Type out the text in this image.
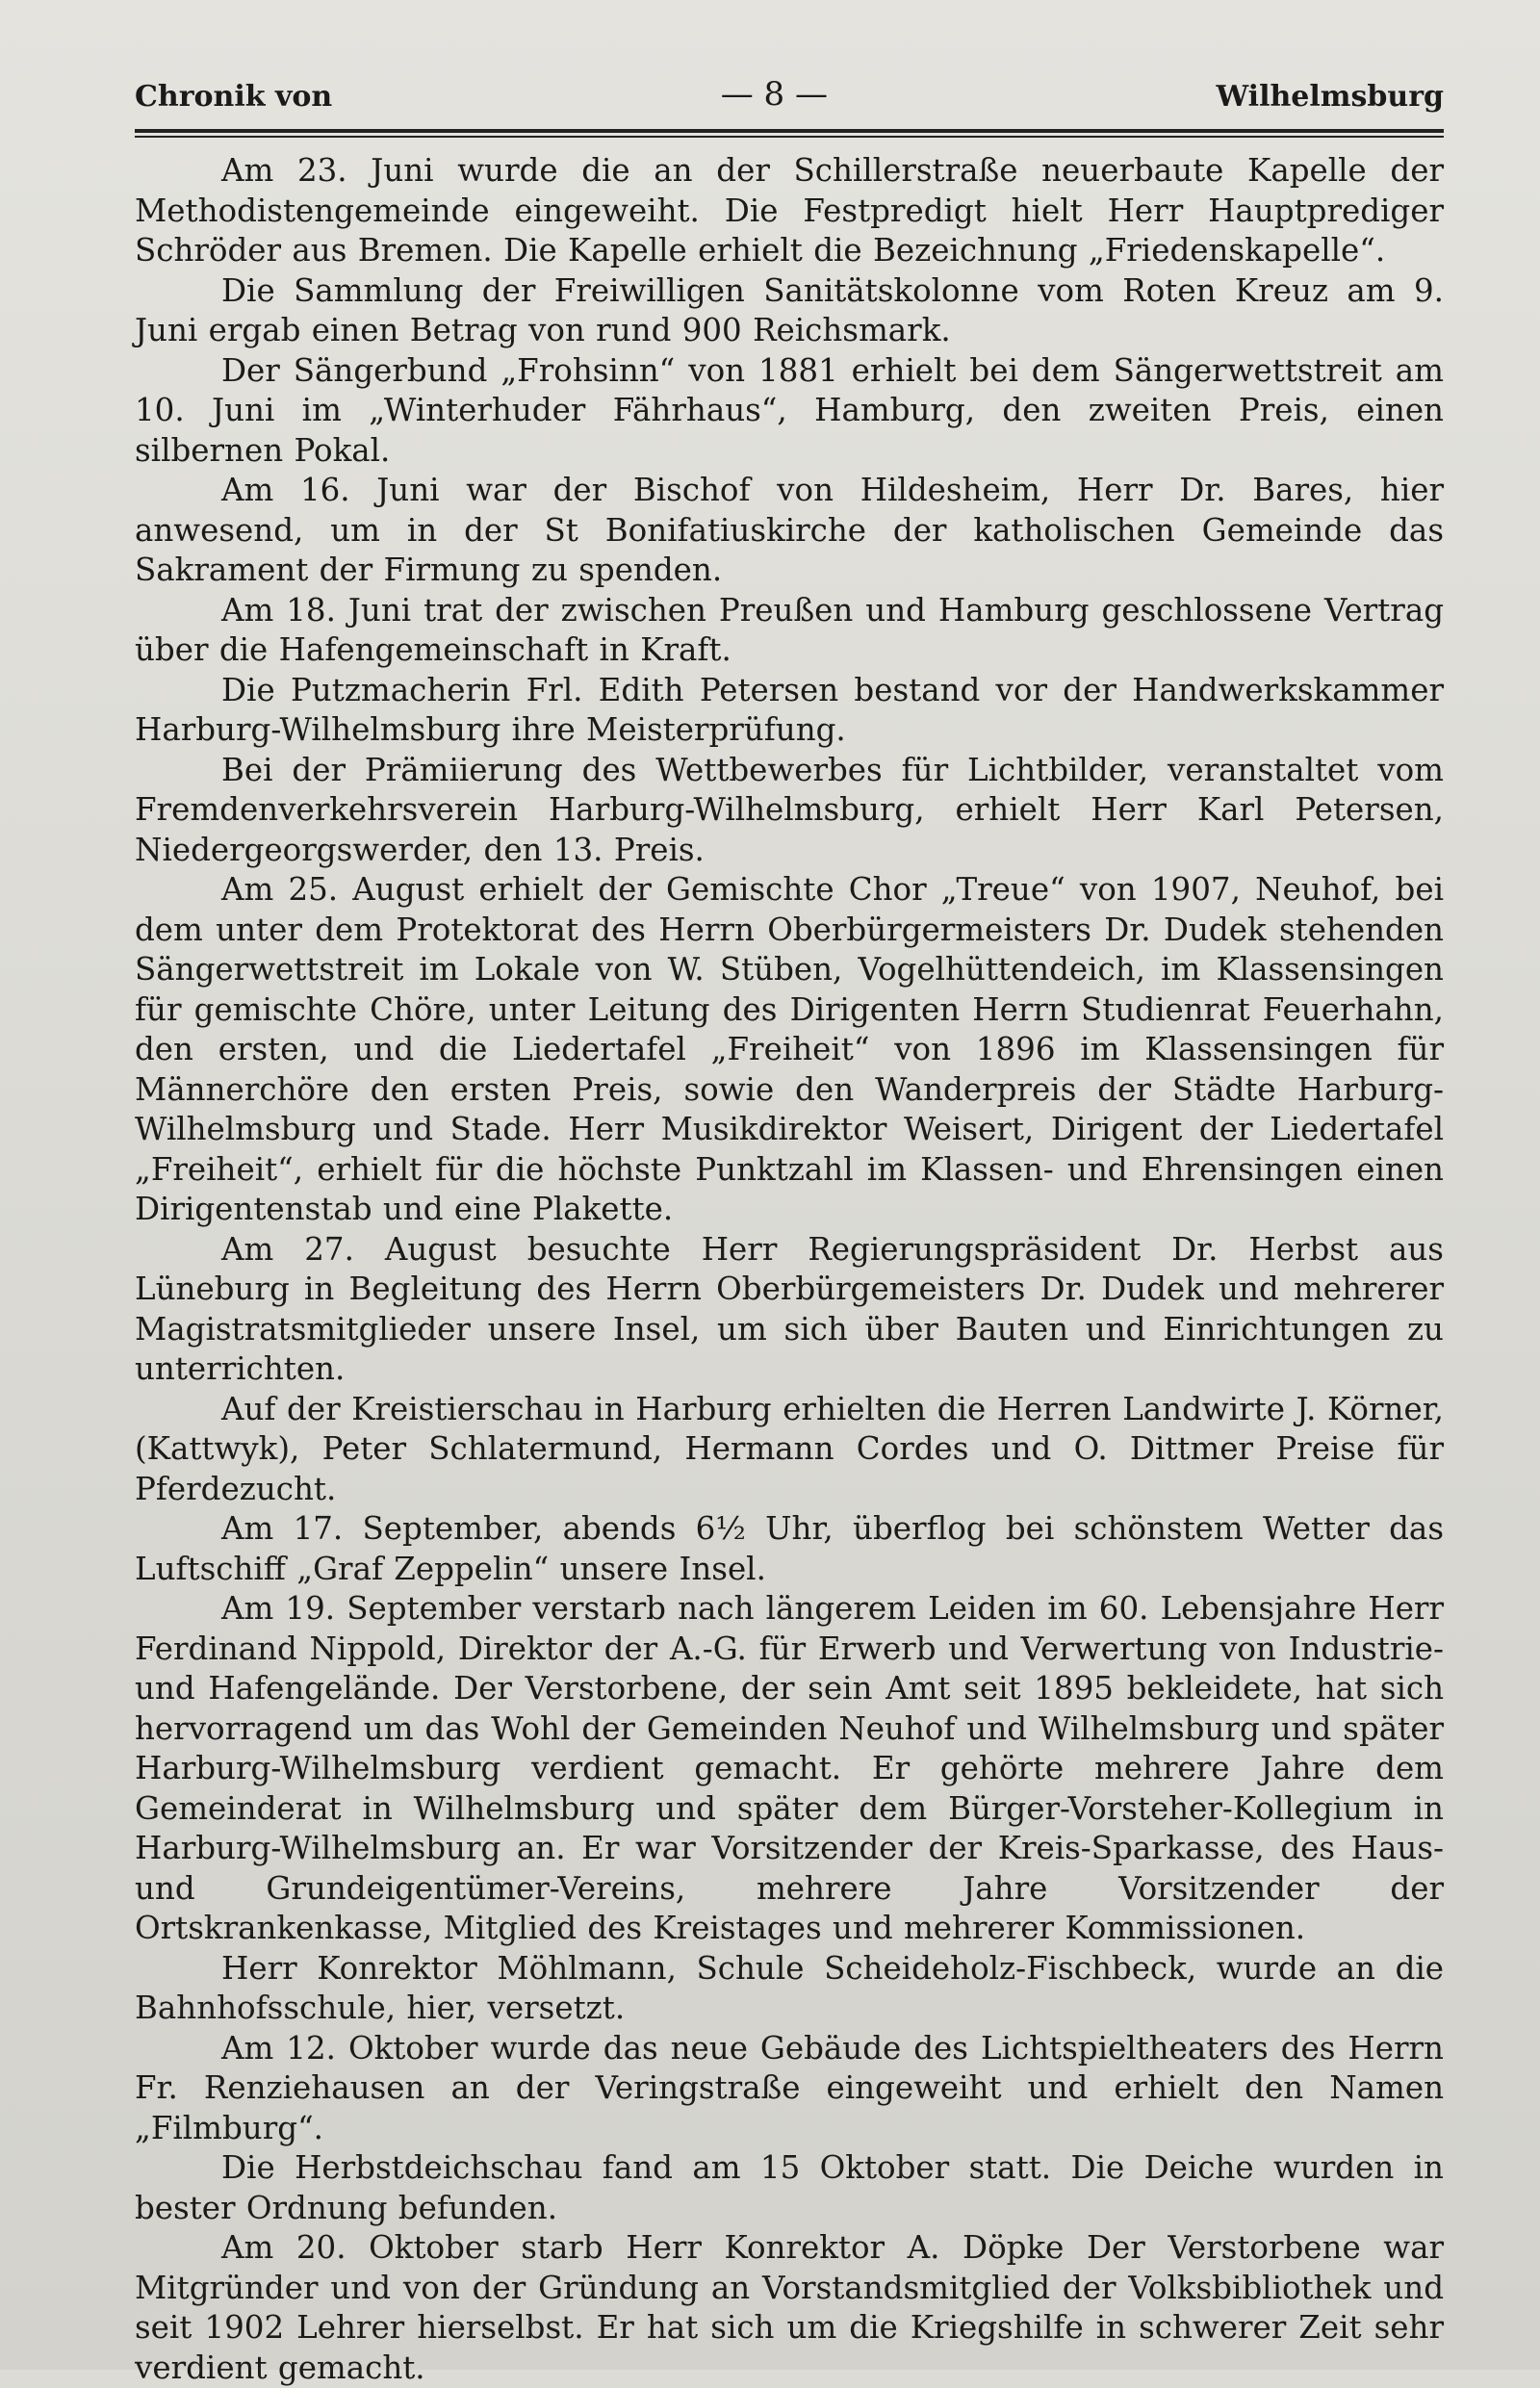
Chronik von	— 8 —	Wilhelmsburg

Am 23. Juni wurde die an der Schillerstraße neuerbaute Kapelle der Methodistengemeinde eingeweiht. Die Festpredigt hielt Herr Hauptprediger Schröder aus Bremen. Die Kapelle erhielt die Bezeichnung „Friedenskapelle“.

Die Sammlung der Freiwilligen Sanitätskolonne vom Roten Kreuz am 9. Juni ergab einen Betrag von rund 900 Reichsmark.

Der Sängerbund „Frohsinn“ von 1881 erhielt bei dem Sängerwettstreit am 10. Juni im „Winterhuder Fährhaus“, Hamburg, den zweiten Preis, einen silbernen Pokal.

Am 16. Juni war der Bischof von Hildesheim, Herr Dr. Bares, hier anwesend, um in der St Bonifatiuskirche der katholischen Gemeinde das Sakrament der Firmung zu spenden.

Am 18. Juni trat der zwischen Preußen und Hamburg geschlossene Vertrag über die Hafengemeinschaft in Kraft.

Die Putzmacherin Frl. Edith Petersen bestand vor der Handwerkskammer Harburg-Wilhelmsburg ihre Meisterprüfung.

Bei der Prämiierung des Wettbewerbes für Lichtbilder, veranstaltet vom Fremdenverkehrsverein Harburg-Wilhelmsburg, erhielt Herr Karl Petersen, Niedergeorgswerder, den 13. Preis.

Am 25. August erhielt der Gemischte Chor „Treue“ von 1907, Neuhof, bei dem unter dem Protektorat des Herrn Oberbürgermeisters Dr. Dudek stehenden Sängerwettstreit im Lokale von W. Stüben, Vogelhüttendeich, im Klassensingen für gemischte Chöre, unter Leitung des Dirigenten Herrn Studienrat Feuerhahn, den ersten, und die Liedertafel „Freiheit“ von 1896 im Klassensingen für Männerchöre den ersten Preis, sowie den Wanderpreis der Städte Harburg-Wilhelmsburg und Stade. Herr Musikdirektor Weisert, Dirigent der Liedertafel „Freiheit“, erhielt für die höchste Punktzahl im Klassen- und Ehrensingen einen Dirigentenstab und eine Plakette.

Am 27. August besuchte Herr Regierungspräsident Dr. Herbst aus Lüneburg in Begleitung des Herrn Oberbürgemeisters Dr. Dudek und mehrerer Magistratsmitglieder unsere Insel, um sich über Bauten und Einrichtungen zu unterrichten.

Auf der Kreistierschau in Harburg erhielten die Herren Landwirte J. Körner, (Kattwyk), Peter Schlatermund, Hermann Cordes und O. Dittmer Preise für Pferdezucht.

Am 17. September, abends 6½ Uhr, überflog bei schönstem Wetter das Luftschiff „Graf Zeppelin“ unsere Insel.

Am 19. September verstarb nach längerem Leiden im 60. Lebensjahre Herr Ferdinand Nippold, Direktor der A.-G. für Erwerb und Verwertung von Industrie- und Hafengelände. Der Verstorbene, der sein Amt seit 1895 bekleidete, hat sich hervorragend um das Wohl der Gemeinden Neuhof und Wilhelmsburg und später Harburg-Wilhelmsburg verdient gemacht. Er gehörte mehrere Jahre dem Gemeinderat in Wilhelmsburg und später dem Bürger-Vorsteher-Kollegium in Harburg-Wilhelmsburg an. Er war Vorsitzender der Kreis-Sparkasse, des Haus- und Grundeigentümer-Vereins, mehrere Jahre Vorsitzender der Ortskrankenkasse, Mitglied des Kreistages und mehrerer Kommissionen.

Herr Konrektor Möhlmann, Schule Scheideholz-Fischbeck, wurde an die Bahnhofsschule, hier, versetzt.

Am 12. Oktober wurde das neue Gebäude des Lichtspieltheaters des Herrn Fr. Renziehausen an der Veringstraße eingeweiht und erhielt den Namen „Filmburg“.

Die Herbstdeichschau fand am 15 Oktober statt. Die Deiche wurden in bester Ordnung befunden.

Am 20. Oktober starb Herr Konrektor A. Döpke Der Verstorbene war Mitgründer und von der Gründung an Vorstandsmitglied der Volksbibliothek und seit 1902 Lehrer hierselbst. Er hat sich um die Kriegshilfe in schwerer Zeit sehr verdient gemacht.
